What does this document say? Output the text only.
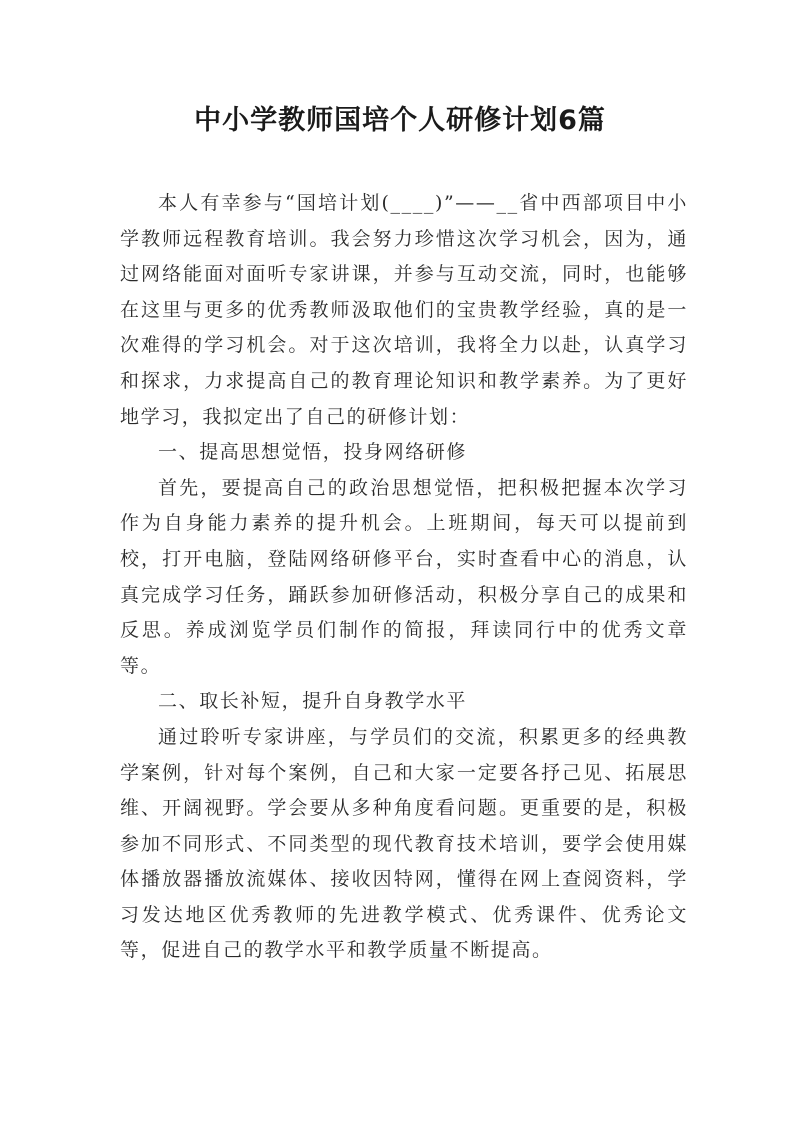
中小学教师国培个人研修计划6篇

本人有幸参与“国培计划(____)”——__省中西部项目中小学教师远程教育培训。我会努力珍惜这次学习机会，因为，通过网络能面对面听专家讲课，并参与互动交流，同时，也能够在这里与更多的优秀教师汲取他们的宝贵教学经验，真的是一次难得的学习机会。对于这次培训，我将全力以赴，认真学习和探求，力求提高自己的教育理论知识和教学素养。为了更好地学习，我拟定出了自己的研修计划：

一、提高思想觉悟，投身网络研修

首先，要提高自己的政治思想觉悟，把积极把握本次学习作为自身能力素养的提升机会。上班期间，每天可以提前到校，打开电脑，登陆网络研修平台，实时查看中心的消息，认真完成学习任务，踊跃参加研修活动，积极分享自己的成果和反思。养成浏览学员们制作的简报，拜读同行中的优秀文章等。

二、取长补短，提升自身教学水平

通过聆听专家讲座，与学员们的交流，积累更多的经典教学案例，针对每个案例，自己和大家一定要各抒己见、拓展思维、开阔视野。学会要从多种角度看问题。更重要的是，积极参加不同形式、不同类型的现代教育技术培训，要学会使用媒体播放器播放流媒体、接收因特网，懂得在网上查阅资料，学习发达地区优秀教师的先进教学模式、优秀课件、优秀论文等，促进自己的教学水平和教学质量不断提高。
